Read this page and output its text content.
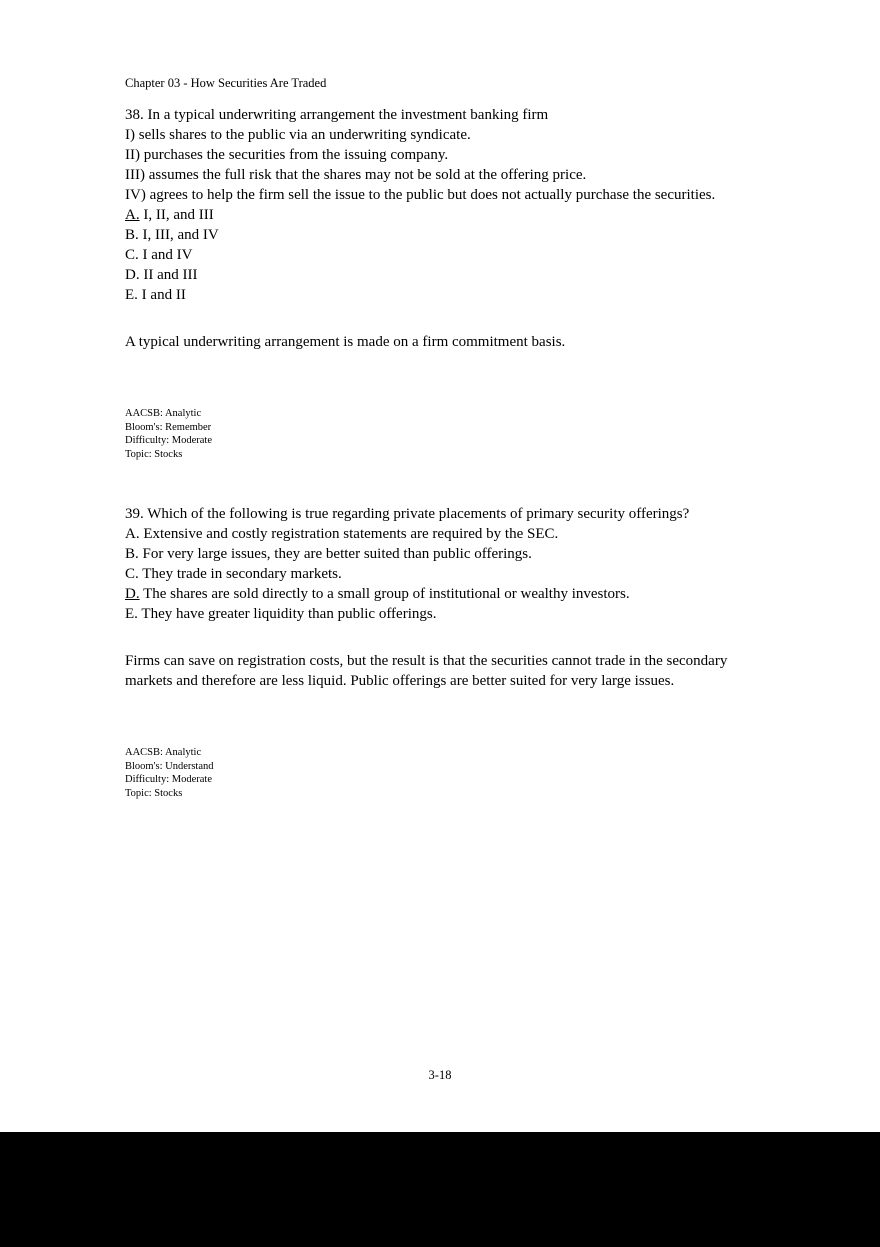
Chapter 03 - How Securities Are Traded
38. In a typical underwriting arrangement the investment banking firm
I) sells shares to the public via an underwriting syndicate.
II) purchases the securities from the issuing company.
III) assumes the full risk that the shares may not be sold at the offering price.
IV) agrees to help the firm sell the issue to the public but does not actually purchase the securities.
A. I, II, and III
B. I, III, and IV
C. I and IV
D. II and III
E. I and II
A typical underwriting arrangement is made on a firm commitment basis.
AACSB: Analytic
Bloom's: Remember
Difficulty: Moderate
Topic: Stocks
39. Which of the following is true regarding private placements of primary security offerings?
A. Extensive and costly registration statements are required by the SEC.
B. For very large issues, they are better suited than public offerings.
C. They trade in secondary markets.
D. The shares are sold directly to a small group of institutional or wealthy investors.
E. They have greater liquidity than public offerings.
Firms can save on registration costs, but the result is that the securities cannot trade in the secondary markets and therefore are less liquid. Public offerings are better suited for very large issues.
AACSB: Analytic
Bloom's: Understand
Difficulty: Moderate
Topic: Stocks
3-18
